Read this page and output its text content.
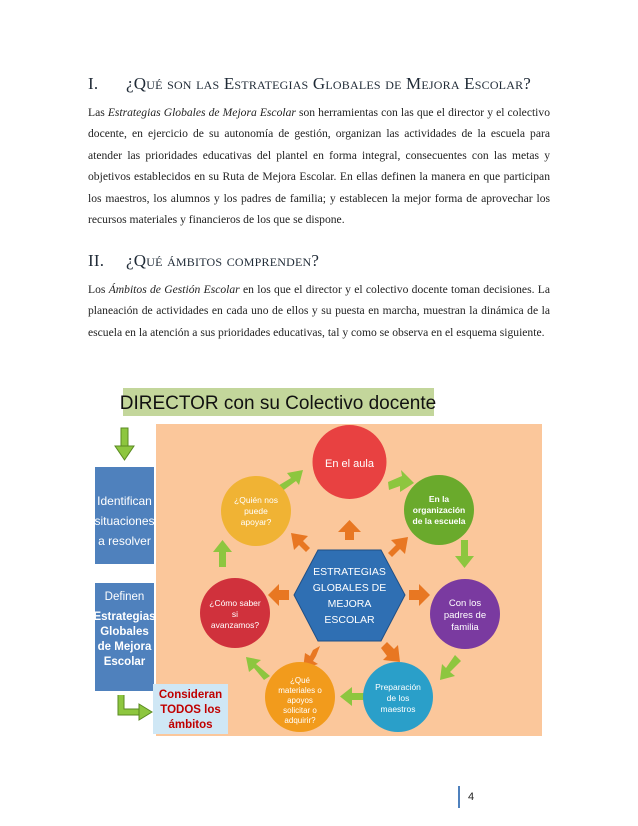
I. ¿Qué son las Estrategias Globales de Mejora Escolar?

Las Estrategias Globales de Mejora Escolar son herramientas con las que el director y el colectivo docente, en ejercicio de su autonomía de gestión, organizan las actividades de la escuela para atender las prioridades educativas del plantel en forma integral, consecuentes con las metas y objetivos establecidos en su Ruta de Mejora Escolar. En ellas definen la manera en que participan los maestros, los alumnos y los padres de familia; y establecen la mejor forma de aprovechar los recursos materiales y financieros de los que se dispone.

II. ¿Qué ámbitos comprenden?

Los Ámbitos de Gestión Escolar en los que el director y el colectivo docente toman decisiones. La planeación de actividades en cada uno de ellos y su puesta en marcha, muestran la dinámica de la escuela en la atención a sus prioridades educativas, tal y como se observa en el esquema siguiente.

DIRECTOR con su Colectivo docente
Identifican
situaciones
a resolver
Definen
Estrategias
Globales
de Mejora
Escolar
Consideran
TODOS los
ámbitos
ESTRATEGIAS
GLOBALES DE
MEJORA
ESCOLAR
En el aula
En la
organización
de la escuela
Con los
padres de
familia
Preparación
de los
maestros
¿Qué
materiales o
apoyos
solicitar o
adquirir?
¿Cómo saber
si
avanzamos?
¿Quién nos
puede
apoyar?
4
